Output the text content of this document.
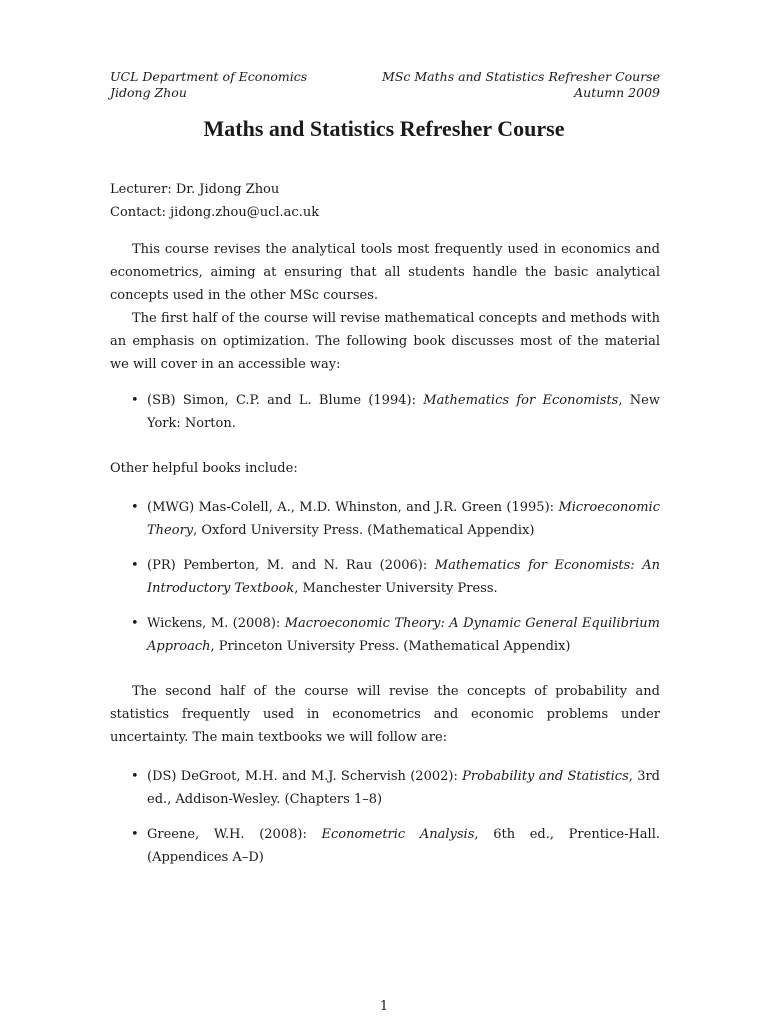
UCL Department of Economics	MSc Maths and Statistics Refresher Course
Jidong Zhou	Autumn 2009
Maths and Statistics Refresher Course
Lecturer: Dr. Jidong Zhou
Contact: jidong.zhou@ucl.ac.uk

This course revises the analytical tools most frequently used in economics and econometrics, aiming at ensuring that all students handle the basic analytical concepts used in the other MSc courses.

The first half of the course will revise mathematical concepts and methods with an emphasis on optimization. The following book discusses most of the material we will cover in an accessible way:

• (SB) Simon, C.P. and L. Blume (1994): Mathematics for Economists, New York: Norton.

Other helpful books include:

• (MWG) Mas-Colell, A., M.D. Whinston, and J.R. Green (1995): Microeconomic Theory, Oxford University Press. (Mathematical Appendix)
• (PR) Pemberton, M. and N. Rau (2006): Mathematics for Economists: An Introductory Textbook, Manchester University Press.
• Wickens, M. (2008): Macroeconomic Theory: A Dynamic General Equilibrium Approach, Princeton University Press. (Mathematical Appendix)

The second half of the course will revise the concepts of probability and statistics frequently used in econometrics and economic problems under uncertainty. The main textbooks we will follow are:

• (DS) DeGroot, M.H. and M.J. Schervish (2002): Probability and Statistics, 3rd ed., Addison-Wesley. (Chapters 1–8)
• Greene, W.H. (2008): Econometric Analysis, 6th ed., Prentice-Hall. (Appendices A–D)
1
